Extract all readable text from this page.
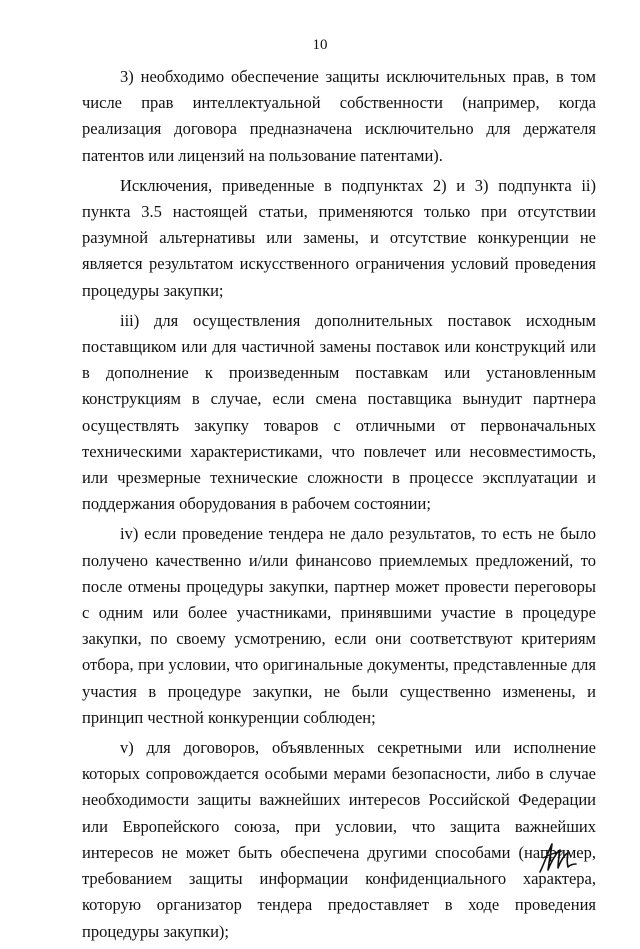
10

3) необходимо обеспечение защиты исключительных прав, в том числе прав интеллектуальной собственности (например, когда реализация договора предназначена исключительно для держателя патентов или лицензий на пользование патентами).

Исключения, приведенные в подпунктах 2) и 3) подпункта ii) пункта 3.5 настоящей статьи, применяются только при отсутствии разумной альтернативы или замены, и отсутствие конкуренции не является результатом искусственного ограничения условий проведения процедуры закупки;

iii) для осуществления дополнительных поставок исходным поставщиком или для частичной замены поставок или конструкций или в дополнение к произведенным поставкам или установленным конструкциям в случае, если смена поставщика вынудит партнера осуществлять закупку товаров с отличными от первоначальных техническими характеристиками, что повлечет или несовместимость, или чрезмерные технические сложности в процессе эксплуатации и поддержания оборудования в рабочем состоянии;

iv) если проведение тендера не дало результатов, то есть не было получено качественно и/или финансово приемлемых предложений, то после отмены процедуры закупки, партнер может провести переговоры с одним или более участниками, принявшими участие в процедуре закупки, по своему усмотрению, если они соответствуют критериям отбора, при условии, что оригинальные документы, представленные для участия в процедуре закупки, не были существенно изменены, и принцип честной конкуренции соблюден;

v) для договоров, объявленных секретными или исполнение которых сопровождается особыми мерами безопасности, либо в случае необходимости защиты важнейших интересов Российской Федерации или Европейского союза, при условии, что защита важнейших интересов не может быть обеспечена другими способами (например, требованием защиты информации конфиденциального характера, которую организатор тендера предоставляет в ходе проведения процедуры закупки);
